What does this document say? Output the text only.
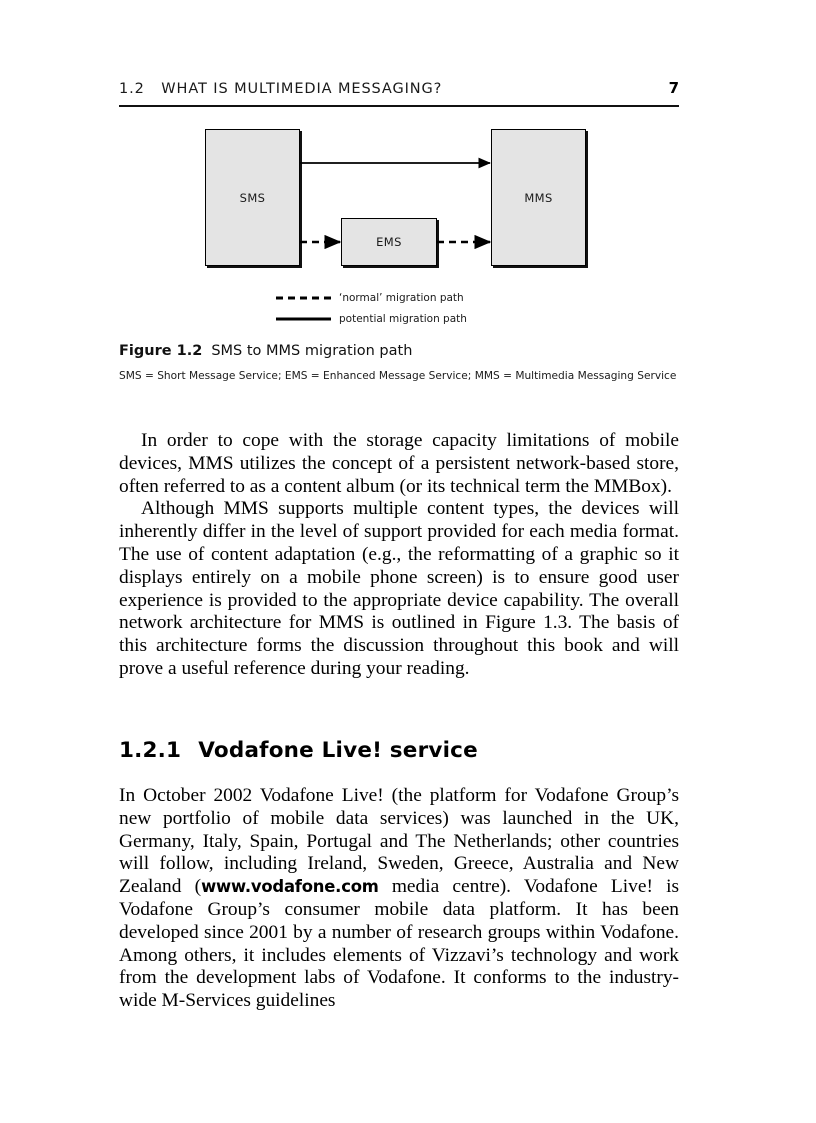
1.2 WHAT IS MULTIMEDIA MESSAGING?	7
SMS
EMS
MMS
‘normal’ migration path
potential migration path
Figure 1.2 SMS to MMS migration path
SMS = Short Message Service; EMS = Enhanced Message Service; MMS = Multimedia Messaging Service

In order to cope with the storage capacity limitations of mobile devices, MMS utilizes the concept of a persistent network-based store, often referred to as a content album (or its technical term the MMBox).

Although MMS supports multiple content types, the devices will inherently differ in the level of support provided for each media format. The use of content adaptation (e.g., the reformatting of a graphic so it displays entirely on a mobile phone screen) is to ensure good user experience is provided to the appropriate device capability. The overall network architecture for MMS is outlined in Figure 1.3. The basis of this architecture forms the discussion throughout this book and will prove a useful reference during your reading.

1.2.1 Vodafone Live! service

In October 2002 Vodafone Live! (the platform for Vodafone Group’s new portfolio of mobile data services) was launched in the UK, Germany, Italy, Spain, Portugal and The Netherlands; other countries will follow, including Ireland, Sweden, Greece, Australia and New Zealand (www.vodafone.com media centre). Vodafone Live! is Vodafone Group’s consumer mobile data platform. It has been developed since 2001 by a number of research groups within Vodafone. Among others, it includes elements of Vizzavi’s technology and work from the development labs of Vodafone. It conforms to the industry-wide M-Services guidelines
